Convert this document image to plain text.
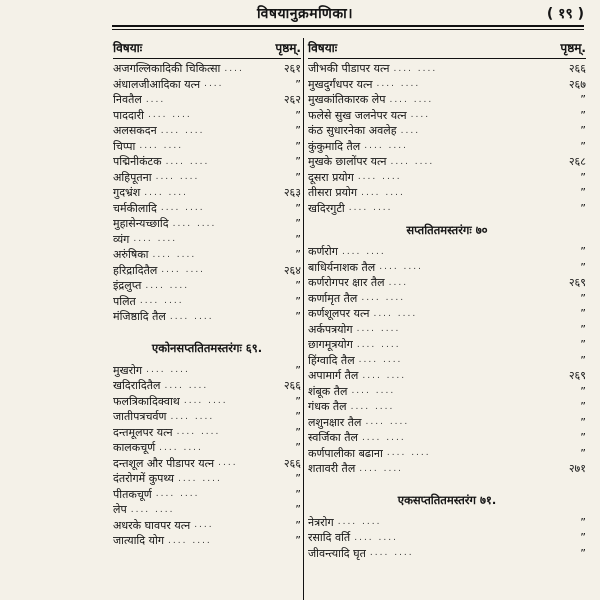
विषयानुक्रमणिका।	( १९ )
विषयाः	पृष्ठम्.
अजगल्लिकादिकी चिकित्सा ....	२६१
अंधालजीआदिका यत्न ....	”
निवतैल ....	२६२
पाददारी .... ....	”
अलसकदन .... ....	”
चिप्पा .... ....	”
पद्मिनीकंटक .... ....	”
अहिपूतना .... ....	”
गुदभ्रंश .... ....	२६३
चर्मकीलादि .... ....	”
मुहासेन्यच्छादि .... ....	”
व्यंग .... ....	”
अरुंषिका .... ....	”
हरिद्रादितैल .... ....	२६४
इंद्रलुप्त .... ....	”
पलित .... ....	”
मंजिष्ठादि तैल .... ....	”
एकोनसप्ततितमस्तरंगः ६९.
मुखरोग .... ....	”
खदिरादितैल .... ....	२६६
फलत्रिकादिक्वाथ .... ....	”
जातीपत्रचर्वण .... ....	”
दन्तमूलपर यत्न .... ....	”
कालकचूर्ण .... ....	”
दन्तशूल और पीडापर यत्न ....	२६६
दंतरोगमें कुपथ्य .... ....	”
पीतकचूर्ण .... ....	”
लेप .... ....	”
अधरके घावपर यत्न ....	”
जात्यादि योग .... ....	”
विषयाः	पृष्ठम्.
जीभकी पीडापर यत्न .... ....	२६६
मुखदुर्गंधपर यत्न .... ....	२६७
मुखकांतिकारक लेप .... ....	”
फलेसे सुख जलनेपर यत्न ....	”
कंठ सुधारनेका अवलेह ....	”
कुंकुमादि तैल .... ....	”
मुखके छालोंपर यत्न .... ....	२६८
दूसरा प्रयोग .... ....	”
तीसरा प्रयोग .... ....	”
खदिरगुटी .... ....	”
सप्ततितमस्तरंगः ७०
कर्णरोग .... ....	”
बाधिर्यनाशक तैल .... ....	”
कर्णरोगपर क्षार तैल ....	२६९
कर्णामृत तैल .... ....	”
कर्णशूलपर यत्न .... ....	”
अर्कपत्रयोग .... ....	”
छागमूत्रयोग .... ....	”
हिंग्वादि तैल .... ....	”
अपामार्ग तैल .... ....	२६९
शंबूक तैल .... ....	”
गंधक तैल .... ....	”
लशुनक्षार तैल .... ....	”
स्वर्जिका तैल .... ....	”
कर्णपालीका बढाना .... ....	”
शतावरी तैल .... ....	२७१
एकसप्ततितमस्तरंग ७१.
नेत्ररोग .... ....	”
रसादि वर्ति .... ....	”
जीवन्त्यादि घृत .... ....	”
